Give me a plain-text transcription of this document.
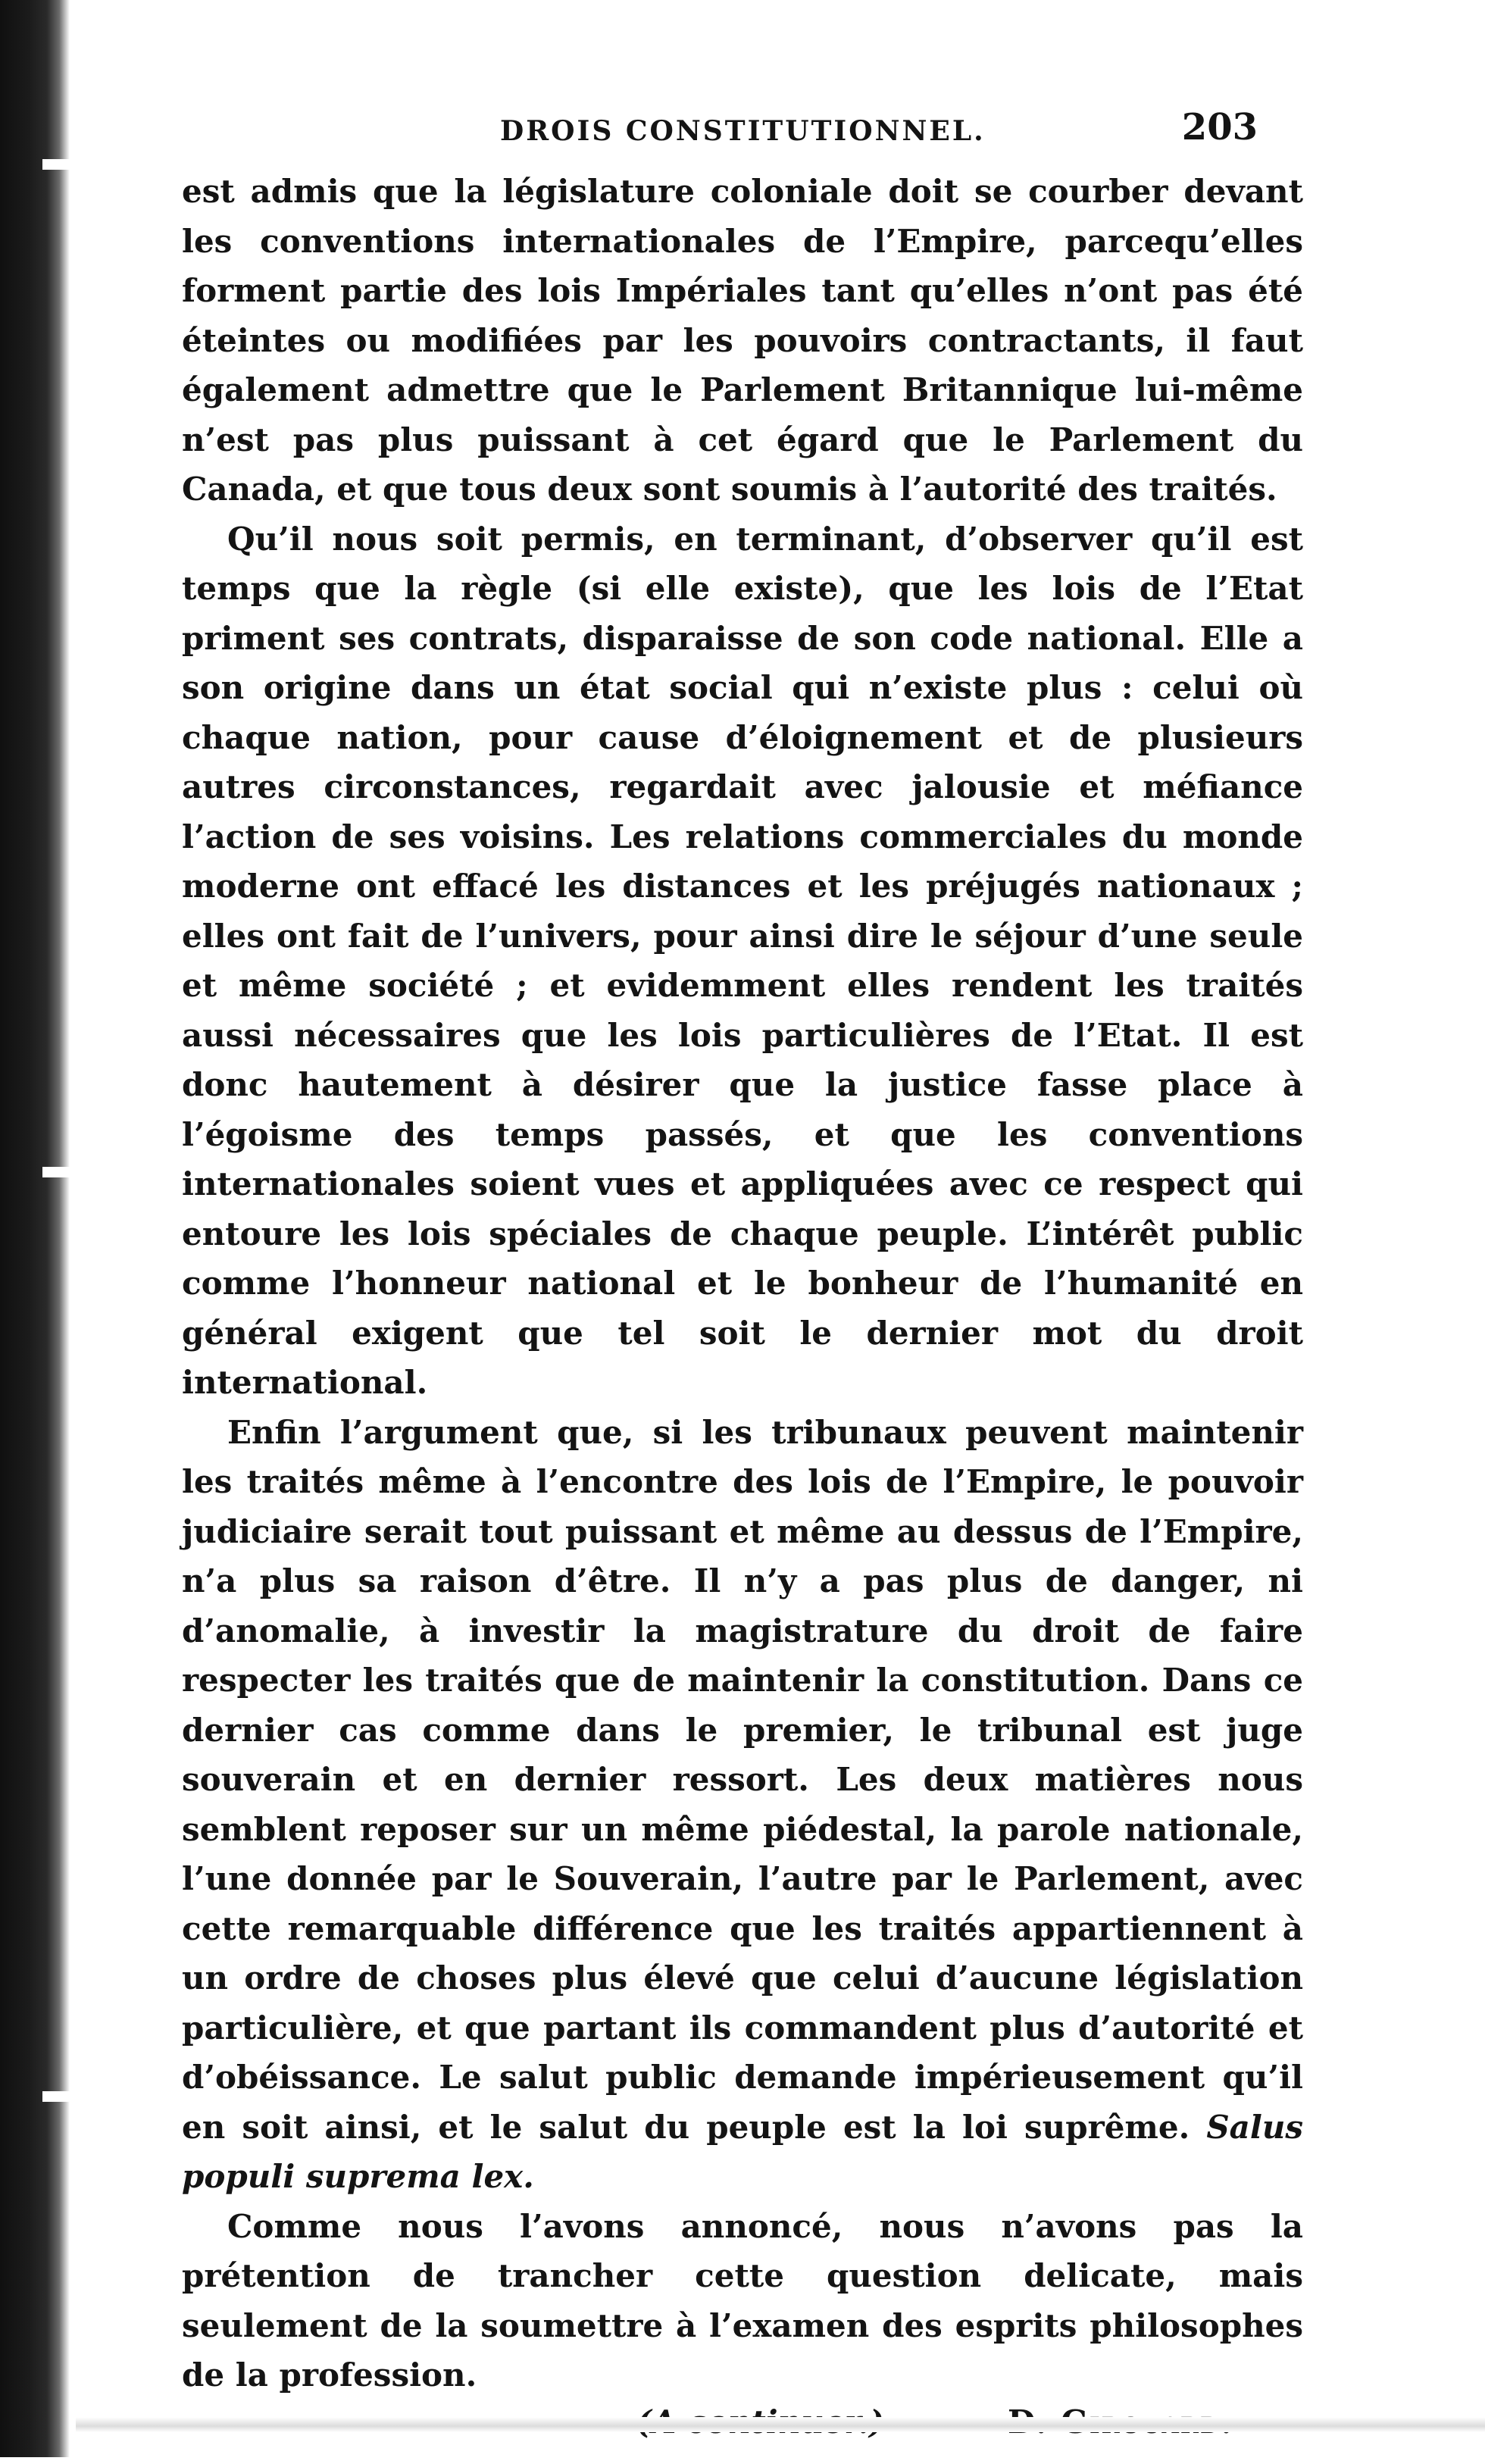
DROIS CONSTITUTIONNEL.	203

est admis que la législature coloniale doit se courber devant les conventions internationales de l’Empire, parcequ’elles forment partie des lois Impériales tant qu’elles n’ont pas été éteintes ou modifiées par les pouvoirs contractants, il faut également admettre que le Parlement Britannique lui-même n’est pas plus puissant à cet égard que le Parlement du Canada, et que tous deux sont soumis à l’autorité des traités.

Qu’il nous soit permis, en terminant, d’observer qu’il est temps que la règle (si elle existe), que les lois de l’Etat priment ses contrats, disparaisse de son code national. Elle a son origine dans un état social qui n’existe plus : celui où chaque nation, pour cause d’éloignement et de plusieurs autres circonstances, regardait avec jalousie et méfiance l’action de ses voisins. Les relations commerciales du monde moderne ont effacé les distances et les préjugés nationaux ; elles ont fait de l’univers, pour ainsi dire le séjour d’une seule et même société ; et evidemment elles rendent les traités aussi nécessaires que les lois particulières de l’Etat. Il est donc hautement à désirer que la justice fasse place à l’égoisme des temps passés, et que les conventions internationales soient vues et appliquées avec ce respect qui entoure les lois spéciales de chaque peuple. L’intérêt public comme l’honneur national et le bonheur de l’humanité en général exigent que tel soit le dernier mot du droit international.

Enfin l’argument que, si les tribunaux peuvent maintenir les traités même à l’encontre des lois de l’Empire, le pouvoir judiciaire serait tout puissant et même au dessus de l’Empire, n’a plus sa raison d’être. Il n’y a pas plus de danger, ni d’anomalie, à investir la magistrature du droit de faire respecter les traités que de maintenir la constitution. Dans ce dernier cas comme dans le premier, le tribunal est juge souverain et en dernier ressort. Les deux matières nous semblent reposer sur un même piédestal, la parole nationale, l’une donnée par le Souverain, l’autre par le Parlement, avec cette remarquable différence que les traités appartiennent à un ordre de choses plus élevé que celui d’aucune législation particulière, et que partant ils commandent plus d’autorité et d’obéissance. Le salut public demande impérieusement qu’il en soit ainsi, et le salut du peuple est la loi suprême. Salus populi suprema lex.

Comme nous l’avons annoncé, nous n’avons pas la prétention de trancher cette question delicate, mais seulement de la soumettre à l’examen des esprits philosophes de la profession.
